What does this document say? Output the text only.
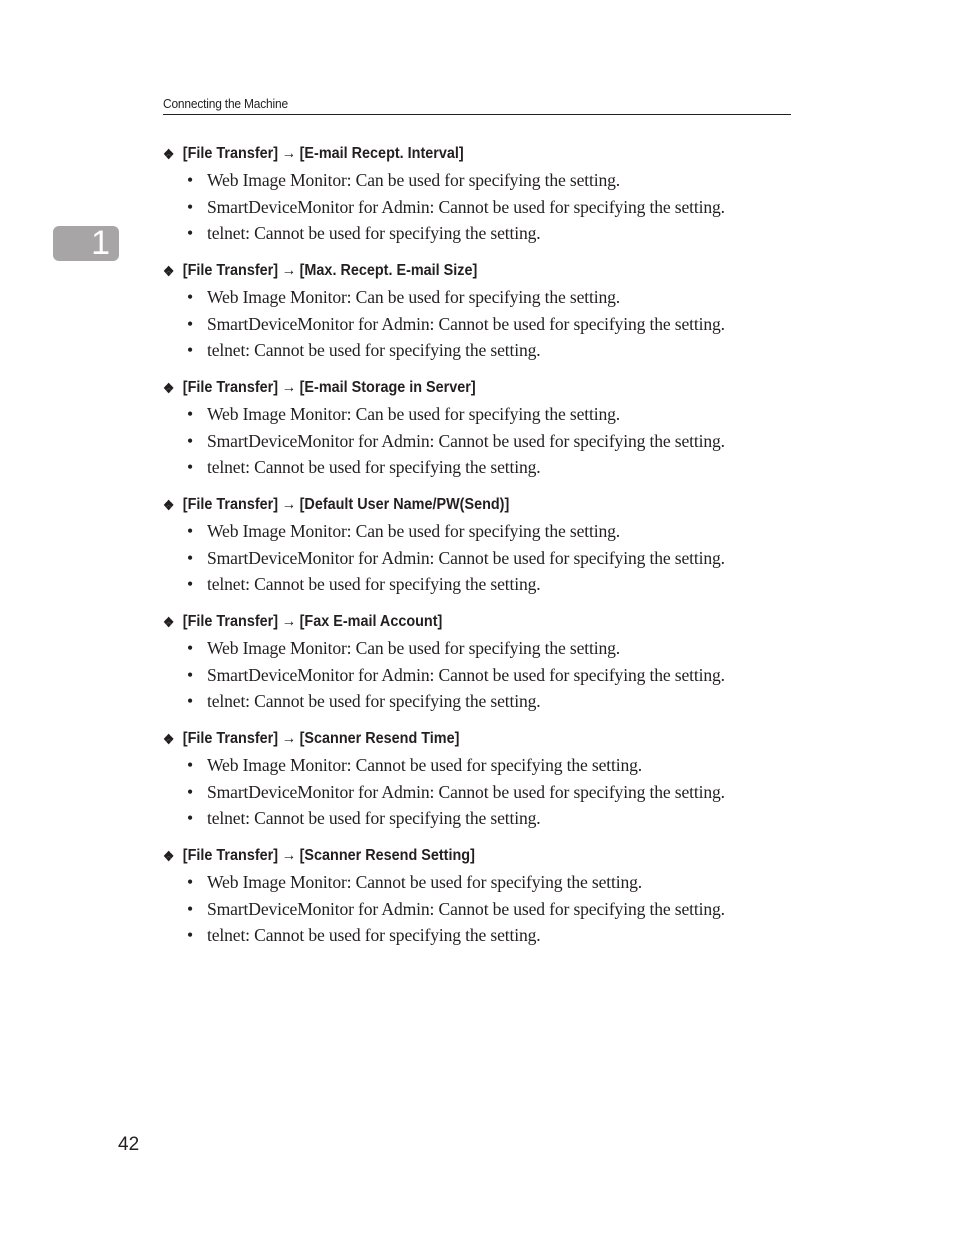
Connecting the Machine
1
❖ [File Transfer] → [E-mail Recept. Interval]
• Web Image Monitor: Can be used for specifying the setting.
• SmartDeviceMonitor for Admin: Cannot be used for specifying the setting.
• telnet: Cannot be used for specifying the setting.
❖ [File Transfer] → [Max. Recept. E-mail Size]
• Web Image Monitor: Can be used for specifying the setting.
• SmartDeviceMonitor for Admin: Cannot be used for specifying the setting.
• telnet: Cannot be used for specifying the setting.
❖ [File Transfer] → [E-mail Storage in Server]
• Web Image Monitor: Can be used for specifying the setting.
• SmartDeviceMonitor for Admin: Cannot be used for specifying the setting.
• telnet: Cannot be used for specifying the setting.
❖ [File Transfer] → [Default User Name/PW(Send)]
• Web Image Monitor: Can be used for specifying the setting.
• SmartDeviceMonitor for Admin: Cannot be used for specifying the setting.
• telnet: Cannot be used for specifying the setting.
❖ [File Transfer] → [Fax E-mail Account]
• Web Image Monitor: Can be used for specifying the setting.
• SmartDeviceMonitor for Admin: Cannot be used for specifying the setting.
• telnet: Cannot be used for specifying the setting.
❖ [File Transfer] → [Scanner Resend Time]
• Web Image Monitor: Cannot be used for specifying the setting.
• SmartDeviceMonitor for Admin: Cannot be used for specifying the setting.
• telnet: Cannot be used for specifying the setting.
❖ [File Transfer] → [Scanner Resend Setting]
• Web Image Monitor: Cannot be used for specifying the setting.
• SmartDeviceMonitor for Admin: Cannot be used for specifying the setting.
• telnet: Cannot be used for specifying the setting.
42
